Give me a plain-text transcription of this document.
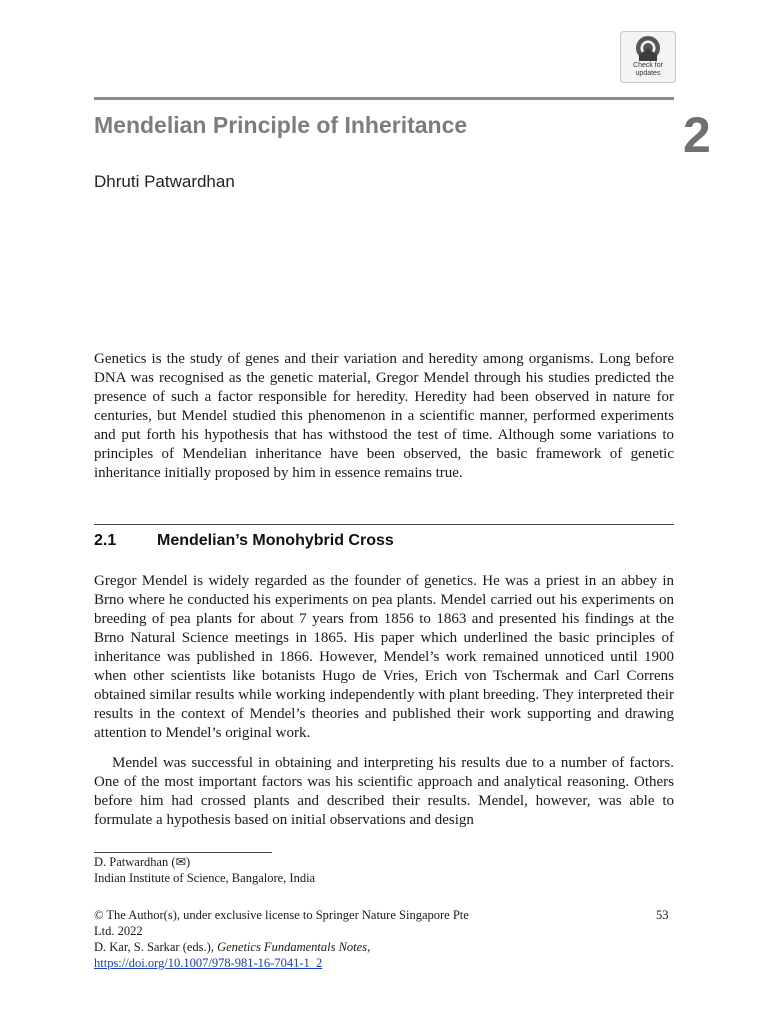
Check for
updates
Mendelian Principle of Inheritance	2
Dhruti Patwardhan

Genetics is the study of genes and their variation and heredity among organisms. Long before DNA was recognised as the genetic material, Gregor Mendel through his studies predicted the presence of such a factor responsible for heredity. Heredity had been observed in nature for centuries, but Mendel studied this phenomenon in a scientific manner, performed experiments and put forth his hypothesis that has withstood the test of time. Although some variations to principles of Mendelian inheritance have been observed, the basic framework of genetic inheritance initially proposed by him in essence remains true.

2.1	Mendelian’s Monohybrid Cross

Gregor Mendel is widely regarded as the founder of genetics. He was a priest in an abbey in Brno where he conducted his experiments on pea plants. Mendel carried out his experiments on breeding of pea plants for about 7 years from 1856 to 1863 and presented his findings at the Brno Natural Science meetings in 1865. His paper which underlined the basic principles of inheritance was published in 1866. However, Mendel’s work remained unnoticed until 1900 when other scientists like botanists Hugo de Vries, Erich von Tschermak and Carl Correns obtained similar results while working independently with plant breeding. They interpreted their results in the context of Mendel’s theories and published their work supporting and drawing attention to Mendel’s original work.

Mendel was successful in obtaining and interpreting his results due to a number of factors. One of the most important factors was his scientific approach and analytical reasoning. Others before him had crossed plants and described their results. Mendel, however, was able to formulate a hypothesis based on initial observations and design

D. Patwardhan (✉)
Indian Institute of Science, Bangalore, India
© The Author(s), under exclusive license to Springer Nature Singapore Pte
Ltd. 2022
D. Kar, S. Sarkar (eds.), Genetics Fundamentals Notes,
https://doi.org/10.1007/978-981-16-7041-1_2
53
